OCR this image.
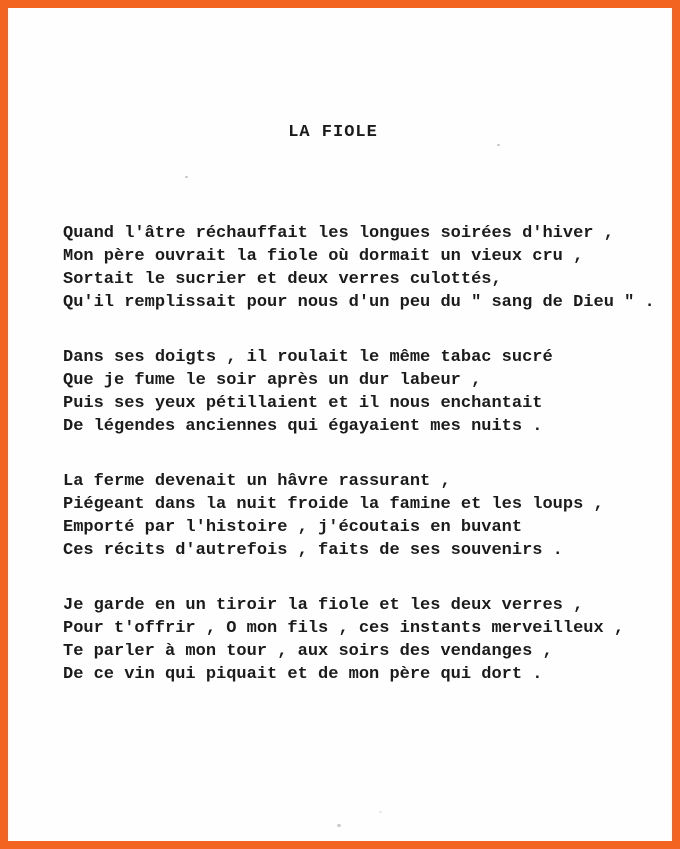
LA FIOLE
Quand l'âtre réchauffait les longues soirées d'hiver ,
Mon père ouvrait la fiole où dormait un vieux cru ,
Sortait le sucrier et deux verres culottés,
Qu'il remplissait pour nous d'un peu du " sang de Dieu " .
Dans ses doigts , il roulait le même tabac sucré
Que je fume le soir après un dur labeur ,
Puis ses yeux pétillaient et il nous enchantait
De légendes anciennes qui égayaient mes nuits .
La ferme devenait un hâvre rassurant ,
Piégeant dans la nuit froide la famine et les loups ,
Emporté par l'histoire , j'écoutais en buvant
Ces récits d'autrefois , faits de ses souvenirs .
Je garde en un tiroir la fiole et les deux verres ,
Pour t'offrir , O mon fils , ces instants merveilleux ,
Te parler à mon tour , aux soirs des vendanges ,
De ce vin qui piquait et de mon père qui dort .
